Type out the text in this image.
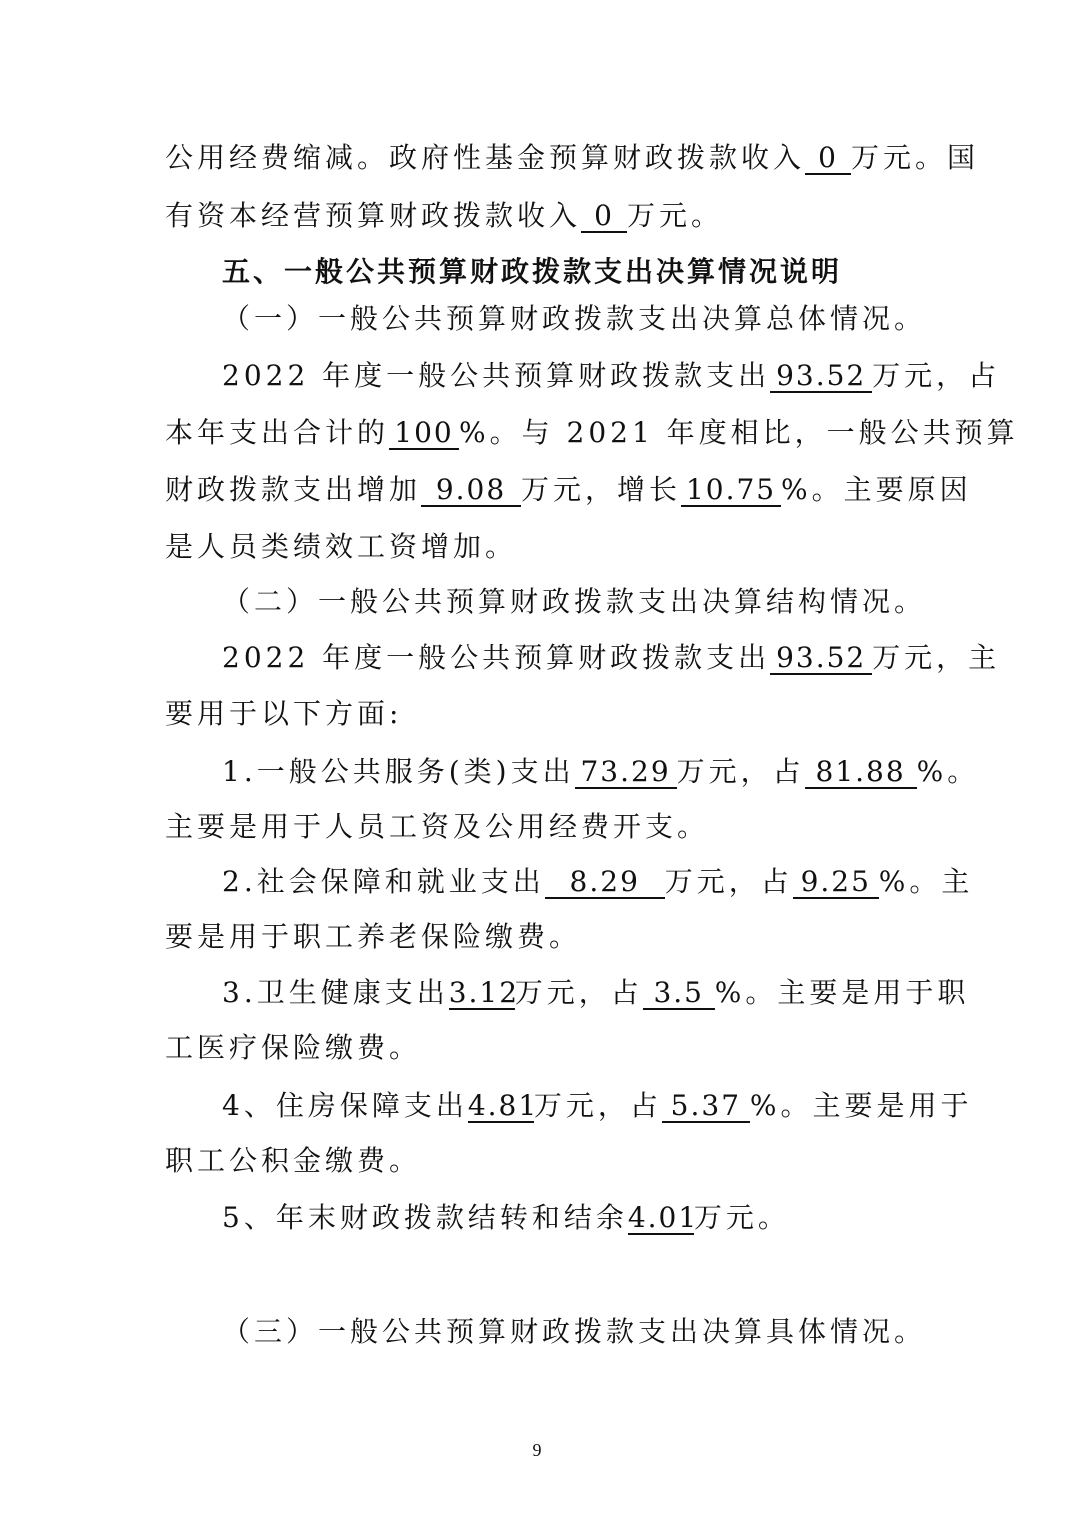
公用经费缩减。政府性基金预算财政拨款收入 0 万元。国
有资本经营预算财政拨款收入 0 万元。
五、一般公共预算财政拨款支出决算情况说明
（一）一般公共预算财政拨款支出决算总体情况。
2022 年度一般公共预算财政拨款支出 93.52 万元，占
本年支出合计的 100 %。与 2021 年度相比，一般公共预算
财政拨款支出增加 9.08 万元，增长 10.75 %。主要原因
是人员类绩效工资增加。
（二）一般公共预算财政拨款支出决算结构情况。
2022 年度一般公共预算财政拨款支出 93.52 万元，主
要用于以下方面:
1.一般公共服务(类)支出 73.29 万元，占 81.88 %。
主要是用于人员工资及公用经费开支。
2.社会保障和就业支出 8.29 万元，占 9.25 %。主
要是用于职工养老保险缴费。
3.卫生健康支出3.12万元，占 3.5 %。主要是用于职
工医疗保险缴费。
4、住房保障支出4.81万元，占 5.37 %。主要是用于
职工公积金缴费。
5、年末财政拨款结转和结余4.01万元。
（三）一般公共预算财政拨款支出决算具体情况。
9
